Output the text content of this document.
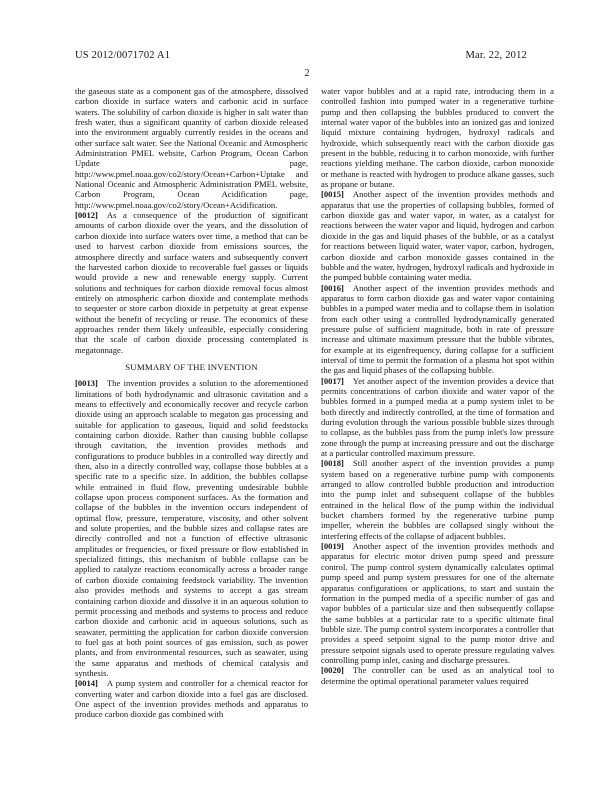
US 2012/0071702 A1	Mar. 22, 2012
2

the gaseous state as a component gas of the atmosphere, dissolved carbon dioxide in surface waters and carbonic acid in surface waters. The solubility of carbon dioxide is higher in salt water than fresh water, thus a significant quantity of carbon dioxide released into the environment arguably currently resides in the oceans and other surface salt water. See the National Oceanic and Atmospheric Administration PMEL website, Carbon Program, Ocean Carbon Update page, http://www.pmel.noaa.gov/co2/story/Ocean+Carbon+Uptake and National Oceanic and Atmospheric Administration PMEL website, Carbon Program, Ocean Acidification page, http://www.pmel.noaa.gov/co2/story/Ocean+Acidification.

[0012] As a consequence of the production of significant amounts of carbon dioxide over the years, and the dissolution of carbon dioxide into surface waters over time, a method that can be used to harvest carbon dioxide from emissions sources, the atmosphere directly and surface waters and subsequently convert the harvested carbon dioxide to recoverable fuel gasses or liquids would provide a new and renewable energy supply. Current solutions and techniques for carbon dioxide removal focus almost entirely on atmospheric carbon dioxide and contemplate methods to sequester or store carbon dioxide in perpetuity at great expense without the benefit of recycling or reuse. The economics of these approaches render them likely unfeasible, especially considering that the scale of carbon dioxide processing contemplated is megatonnage.

SUMMARY OF THE INVENTION

[0013] The invention provides a solution to the aforementioned limitations of both hydrodynamic and ultrasonic cavitation and a means to effectively and economically recover and recycle carbon dioxide using an approach scalable to megaton gas processing and suitable for application to gaseous, liquid and solid feedstocks containing carbon dioxide. Rather than causing bubble collapse through cavitation, the invention provides methods and configurations to produce bubbles in a controlled way directly and then, also in a directly controlled way, collapse those bubbles at a specific rate to a specific size. In addition, the bubbles collapse while entrained in fluid flow, preventing undesirable bubble collapse upon process component surfaces. As the formation and collapse of the bubbles in the invention occurs independent of optimal flow, pressure, temperature, viscosity, and other solvent and solute properties, and the bubble sizes and collapse rates are directly controlled and not a function of effective ultrasonic amplitudes or frequencies, or fixed pressure or flow established in specialized fittings, this mechanism of bubble collapse can be applied to catalyze reactions economically across a broader range of carbon dioxide containing feedstock variability. The invention also provides methods and systems to accept a gas stream containing carbon dioxide and dissolve it in an aqueous solution to permit processing and methods and systems to process and reduce carbon dioxide and carbonic acid in aqueous solutions, such as seawater, permitting the application for carbon dioxide conversion to fuel gas at both point sources of gas emission, such as power plants, and from environmental resources, such as seawater, using the same apparatus and methods of chemical catalysis and synthesis.

[0014] A pump system and controller for a chemical reactor for converting water and carbon dioxide into a fuel gas are disclosed. One aspect of the invention provides methods and apparatus to produce carbon dioxide gas combined with

water vapor bubbles and at a rapid rate, introducing them in a controlled fashion into pumped water in a regenerative turbine pump and then collapsing the bubbles produced to convert the internal water vapor of the bubbles into an ionized gas and ionized liquid mixture containing hydrogen, hydroxyl radicals and hydroxide, which subsequently react with the carbon dioxide gas present in the bubble, reducing it to carbon monoxide, with further reactions yielding methane. The carbon dioxide, carbon monoxide or methane is reacted with hydrogen to produce alkane gasses, such as propane or butane.

[0015] Another aspect of the invention provides methods and apparatus that use the properties of collapsing bubbles, formed of carbon dioxide gas and water vapor, in water, as a catalyst for reactions between the water vapor and liquid, hydrogen and carbon dioxide in the gas and liquid phases of the bubble, or as a catalyst for reactions between liquid water, water vapor, carbon, hydrogen, carbon dioxide and carbon monoxide gasses contained in the bubble and the water, hydrogen, hydroxyl radicals and hydroxide in the pumped bubble containing water media.

[0016] Another aspect of the invention provides methods and apparatus to form carbon dioxide gas and water vapor containing bubbles in a pumped water media and to collapse them in isolation from each other using a controlled hydrodynamically generated pressure pulse of sufficient magnitude, both in rate of pressure increase and ultimate maximum pressure that the bubble vibrates, for example at its eigenfrequency, during collapse for a sufficient interval of time to permit the formation of a plasma hot spot within the gas and liquid phases of the collapsing bubble.

[0017] Yet another aspect of the invention provides a device that permits concentrations of carbon dioxide and water vapor of the bubbles formed in a pumped media at a pump system inlet to be both directly and indirectly controlled, at the time of formation and during evolution through the various possible bubble sizes through to collapse, as the bubbles pass from the pump inlet's low pressure zone through the pump at increasing pressure and out the discharge at a particular controlled maximum pressure.

[0018] Still another aspect of the invention provides a pump system based on a regenerative turbine pump with components arranged to allow controlled bubble production and introduction into the pump inlet and subsequent collapse of the bubbles entrained in the helical flow of the pump within the individual bucket chambers formed by the regenerative turbine pump impeller, wherein the bubbles are collapsed singly without the interfering effects of the collapse of adjacent bubbles.

[0019] Another aspect of the invention provides methods and apparatus for electric motor driven pump speed and pressure control. The pump control system dynamically calculates optimal pump speed and pump system pressures for one of the alternate apparatus configurations or applications, to start and sustain the formation in the pumped media of a specific number of gas and vapor bubbles of a particular size and then subsequently collapse the same bubbles at a particular rate to a specific ultimate final bubble size. The pump control system incorporates a controller that provides a speed setpoint signal to the pump motor drive and pressure setpoint signals used to operate pressure regulating valves controlling pump inlet, casing and discharge pressures.

[0020] The controller can be used as an analytical tool to determine the optimal operational parameter values required
